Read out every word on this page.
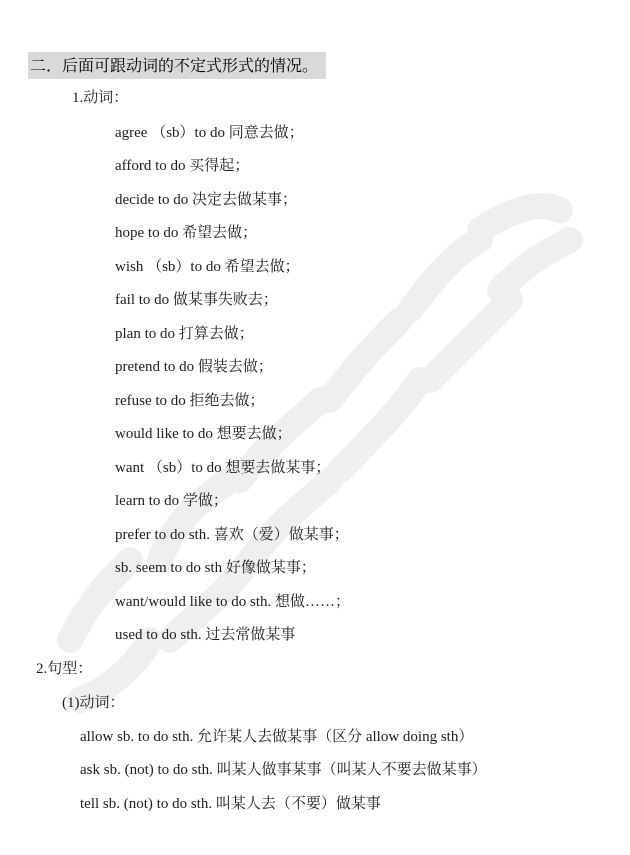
二．后面可跟动词的不定式形式的情况。
1.动词：
agree （sb）to do 同意去做；
afford to do 买得起；
decide to do 决定去做某事；
hope to do 希望去做；
wish （sb）to do 希望去做；
fail to do 做某事失败去；
plan to do 打算去做；
pretend to do 假装去做；
refuse to do 拒绝去做；
would like to do 想要去做；
want （sb）to do 想要去做某事；
learn to do 学做；
prefer to do sth. 喜欢（爱）做某事；
sb. seem to do sth 好像做某事；
want/would like to do sth. 想做……；
used to do sth. 过去常做某事
2.句型：
(1)动词：
allow sb. to do sth. 允许某人去做某事（区分 allow doing sth）
ask sb. (not) to do sth. 叫某人做事某事（叫某人不要去做某事）
tell sb. (not) to do sth. 叫某人去（不要）做某事
